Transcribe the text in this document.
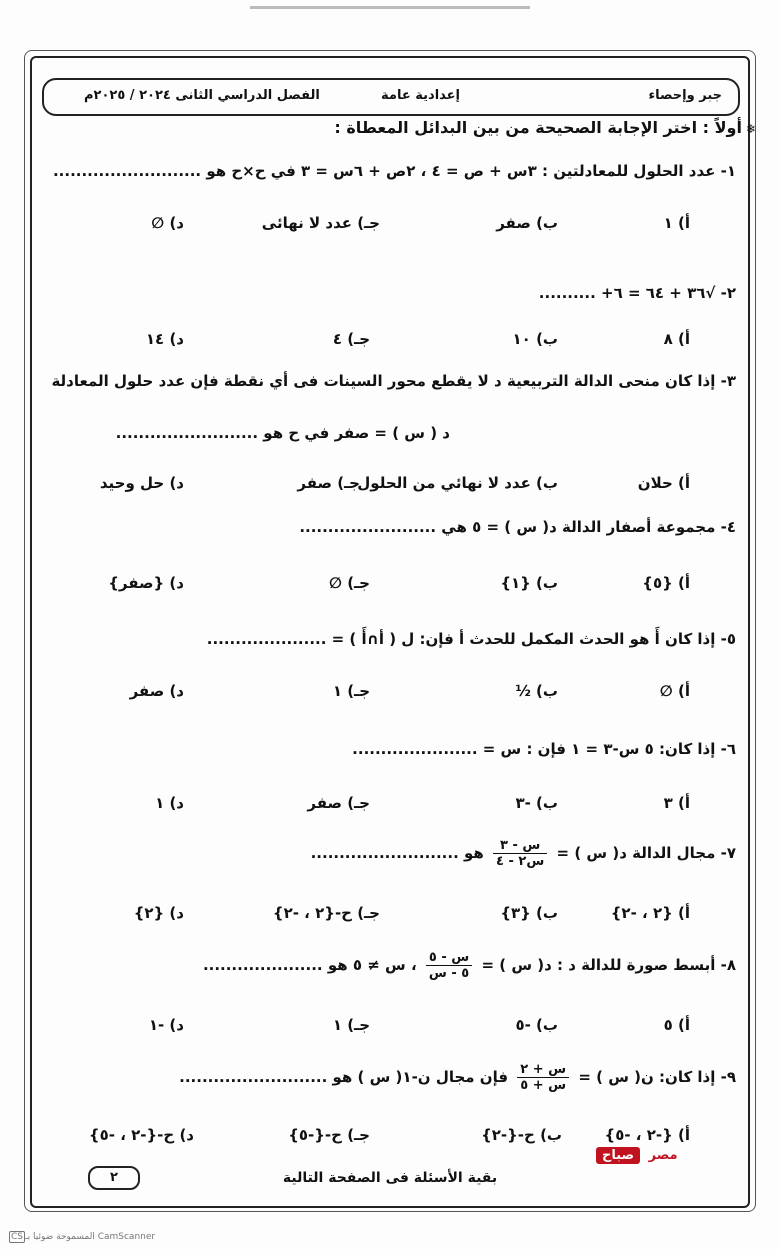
جبر وإحصاء
إعدادية عامة
الفصل الدراسي الثانى ٢٠٢٤ / ٢٠٢٥م
❄أولاً : اختر الإجابة الصحيحة من بين البدائل المعطاة :
١- عدد الحلول للمعادلتين : ٣س + ص = ٤ ، ٢ص + ٦س = ٣ في ح×ح هو ..........................
أ) ١
ب) صفر
جـ) عدد لا نهائى
د) ∅
٢- √٣٦ + ٦٤ = ٦+ ..........
أ) ٨
ب) ١٠
جـ) ٤
د) ١٤
٣- إذا كان منحى الدالة التربيعية د لا يقطع محور السينات فى أي نقطة فإن عدد حلول المعادلة
د ( س ) = صفر في ح هو .........................
أ) حلان
ب) عدد لا نهائي من الحلول
جـ) صفر
د) حل وحيد
٤- مجموعة أصفار الدالة د( س ) = ٥ هي ........................
أ) {٥}
ب) {١}
جـ) ∅
د) {صفر}
٥- إذا كان أَ هو الحدث المكمل للحدث أ فإن: ل ( أ∩أَ ) = .....................
أ) ∅
ب) ½
جـ) ١
د) صفر
٦- إذا كان: ٥ س-٣ = ١ فإن : س = ......................
أ) ٣
ب) -٣
جـ) صفر
د) ١
٧- مجال الدالة د( س ) =
$\frac{\text{س - ٣}}{\text{س٢ - ٤}}$
هو ..........................
أ) {٢ ، -٢}
ب) {٣}
جـ) ح-{٢ ، -٢}
د) {٢}
٨- أبسط صورة للدالة د : د( س ) =
$\frac{\text{س - ٥}}{\text{٥ - س}}$
، س ≠ ٥ هو .....................
أ) ٥
ب) -٥
جـ) ١
د) -١
٩- إذا كان: ن( س ) =
$\frac{\text{س + ٢}}{\text{س + ٥}}$
فإن مجال ن-١( س ) هو ..........................
أ) {-٢ ، -٥}
ب) ح-{-٢}
جـ) ح-{-٥}
د) ح-{-٢ ، -٥}
مصر صباح
بقية الأسئلة فى الصفحة التالية
٢
CS المسموحة ضوئيا بـ CamScanner
